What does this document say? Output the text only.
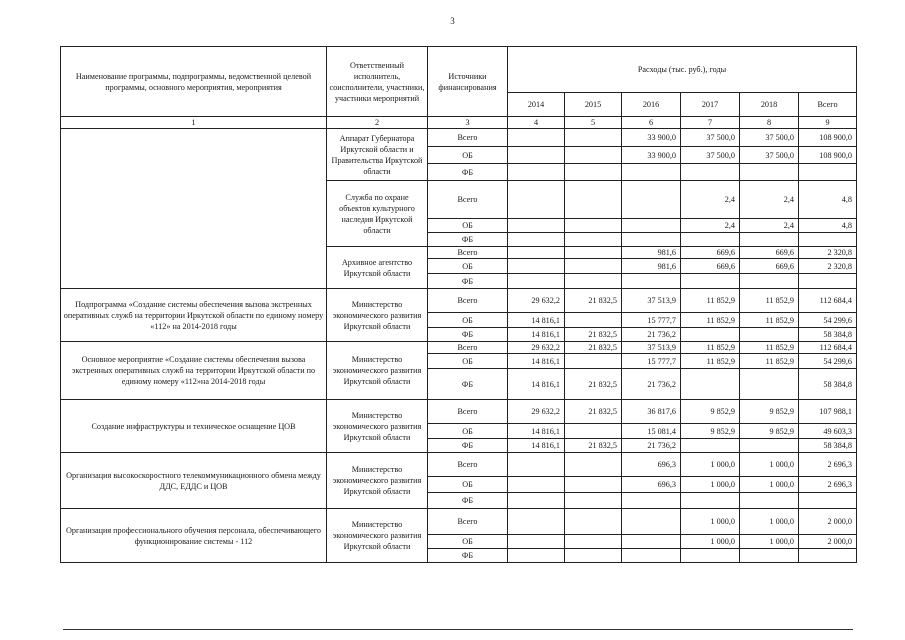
3
Наименование программы, подпрограммы, ведомственной целевой программы, основного мероприятия, мероприятия	Ответственный исполнитель, соисполнители, участники, участники мероприятий	Источники финансирования	Расходы (тыс. руб.), годы					
			2014	2015	2016	2017	2018	Всего
1	2	3	4	5	6	7	8	9
	Аппарат Губернатора Иркутской области и Правительства Иркутской области	Всего			33 900,0	37 500,0	37 500,0	108 900,0
		ОБ			33 900,0	37 500,0	37 500,0	108 900,0
		ФБ						
	Служба по охране объектов культурного наследия Иркутской области	Всего				2,4	2,4	4,8
		ОБ				2,4	2,4	4,8
		ФБ						
	Архивное агентство Иркутской области	Всего			981,6	669,6	669,6	2 320,8
		ОБ			981,6	669,6	669,6	2 320,8
		ФБ						
Подпрограмма «Создание системы обеспечения вызова экстренных оперативных служб на территории Иркутской области по единому номеру «112» на 2014-2018 годы	Министерство экономического развития Иркутской области	Всего	29 632,2	21 832,5	37 513,9	11 852,9	11 852,9	112 684,4
		ОБ	14 816,1		15 777,7	11 852,9	11 852,9	54 299,6
		ФБ	14 816,1	21 832,5	21 736,2			58 384,8
Основное мероприятие «Создание системы обеспечения вызова экстренных оперативных служб на территории Иркутской области по единому номеру «112»на 2014-2018 годы	Министерство экономического развития Иркутской области	Всего	29 632,2	21 832,5	37 513,9	11 852,9	11 852,9	112 684,4
		ОБ	14 816,1		15 777,7	11 852,9	11 852,9	54 299,6
		ФБ	14 816,1	21 832,5	21 736,2			58 384,8
Создание инфраструктуры и техническое оснащение ЦОВ	Министерство экономического развития Иркутской области	Всего	29 632,2	21 832,5	36 817,6	9 852,9	9 852,9	107 988,1
		ОБ	14 816,1		15 081,4	9 852,9	9 852,9	49 603,3
		ФБ	14 816,1	21 832,5	21 736,2			58 384,8
Организация высокоскоростного телекоммуникационного обмена между ДДС, ЕДДС и ЦОВ	Министерство экономического развития Иркутской области	Всего			696,3	1 000,0	1 000,0	2 696,3
		ОБ			696,3	1 000,0	1 000,0	2 696,3
		ФБ						
Организация профессионального обучения персонала, обеспечивающего функционирование системы - 112	Министерство экономического развития Иркутской области	Всего				1 000,0	1 000,0	2 000,0
		ОБ				1 000,0	1 000,0	2 000,0
		ФБ						
